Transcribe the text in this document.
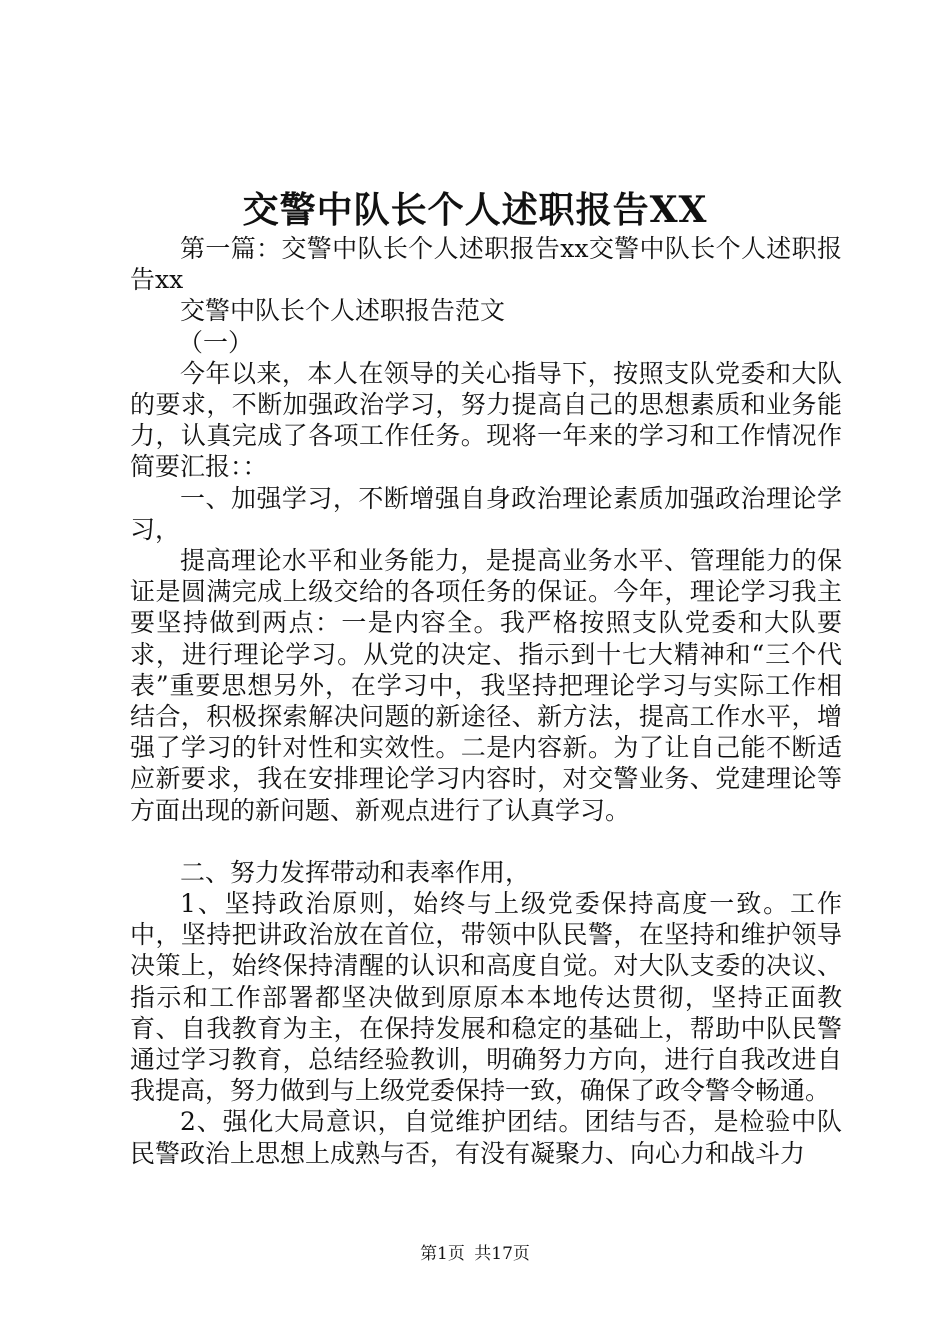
交警中队长个人述职报告XX

第一篇：交警中队长个人述职报告xx交警中队长个人述职报告xx

交警中队长个人述职报告范文

（一）

今年以来，本人在领导的关心指导下，按照支队党委和大队的要求，不断加强政治学习，努力提高自己的思想素质和业务能力，认真完成了各项工作任务。现将一年来的学习和工作情况作简要汇报：：

一、加强学习，不断增强自身政治理论素质加强政治理论学习，

提高理论水平和业务能力，是提高业务水平、管理能力的保证是圆满完成上级交给的各项任务的保证。今年，理论学习我主要坚持做到两点：一是内容全。我严格按照支队党委和大队要求，进行理论学习。从党的决定、指示到十七大精神和“三个代表”重要思想另外，在学习中，我坚持把理论学习与实际工作相结合，积极探索解决问题的新途径、新方法，提高工作水平，增强了学习的针对性和实效性。二是内容新。为了让自己能不断适应新要求，我在安排理论学习内容时，对交警业务、党建理论等方面出现的新问题、新观点进行了认真学习。

二、努力发挥带动和表率作用，

1、坚持政治原则，始终与上级党委保持高度一致。工作中，坚持把讲政治放在首位，带领中队民警，在坚持和维护领导决策上，始终保持清醒的认识和高度自觉。对大队支委的决议、指示和工作部署都坚决做到原原本本地传达贯彻，坚持正面教育、自我教育为主，在保持发展和稳定的基础上，帮助中队民警通过学习教育，总结经验教训，明确努力方向，进行自我改进自我提高，努力做到与上级党委保持一致，确保了政令警令畅通。

2、强化大局意识，自觉维护团结。团结与否，是检验中队民警政治上思想上成熟与否，有没有凝聚力、向心力和战斗力

第1页 共17页
